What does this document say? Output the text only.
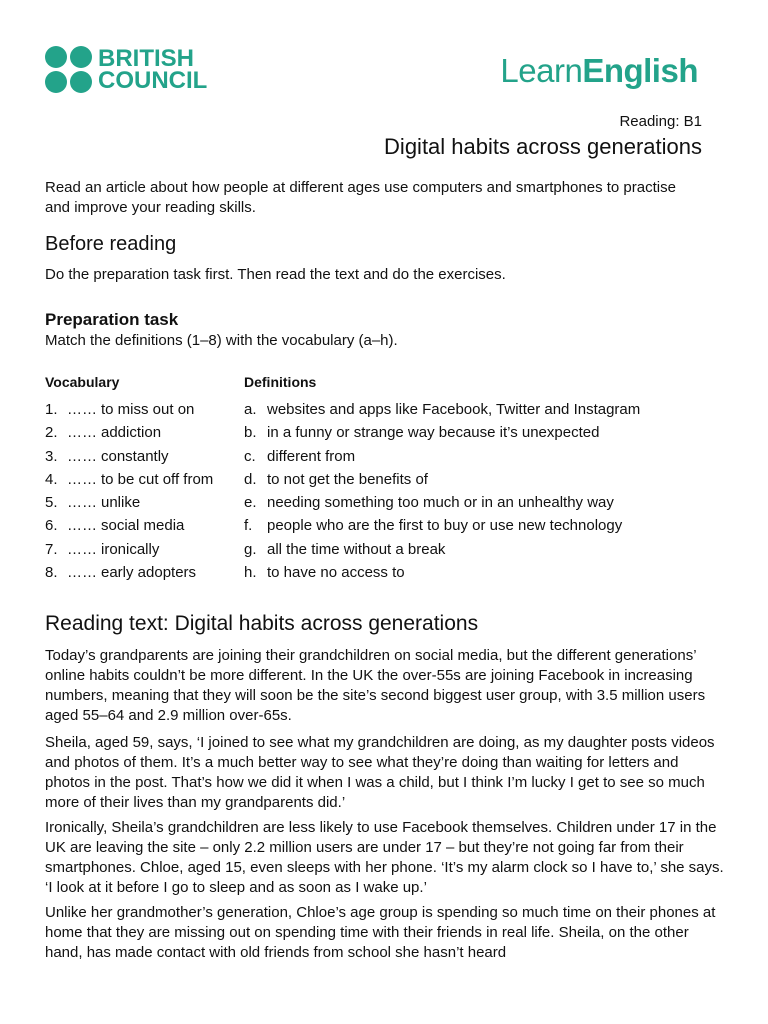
BRITISH
COUNCIL	LearnEnglish
Reading: B1
Digital habits across generations
Read an article about how people at different ages use computers and smartphones to practise and improve your reading skills.
Before reading
Do the preparation task first. Then read the text and do the exercises.
Preparation task
Match the definitions (1–8) with the vocabulary (a–h).
Vocabulary	Definitions
1. …… to miss out on
2. …… addiction
3. …… constantly
4. …… to be cut off from
5. …… unlike
6. …… social media
7. …… ironically
8. …… early adopters
a. websites and apps like Facebook, Twitter and Instagram
b. in a funny or strange way because it’s unexpected
c. different from
d. to not get the benefits of
e. needing something too much or in an unhealthy way
f. people who are the first to buy or use new technology
g. all the time without a break
h. to have no access to
Reading text: Digital habits across generations
Today’s grandparents are joining their grandchildren on social media, but the different generations’ online habits couldn’t be more different. In the UK the over-55s are joining Facebook in increasing numbers, meaning that they will soon be the site’s second biggest user group, with 3.5 million users aged 55–64 and 2.9 million over-65s.
Sheila, aged 59, says, ‘I joined to see what my grandchildren are doing, as my daughter posts videos and photos of them. It’s a much better way to see what they’re doing than waiting for letters and photos in the post. That’s how we did it when I was a child, but I think I’m lucky I get to see so much more of their lives than my grandparents did.’
Ironically, Sheila’s grandchildren are less likely to use Facebook themselves. Children under 17 in the UK are leaving the site – only 2.2 million users are under 17 – but they’re not going far from their smartphones. Chloe, aged 15, even sleeps with her phone. ‘It’s my alarm clock so I have to,’ she says. ‘I look at it before I go to sleep and as soon as I wake up.’
Unlike her grandmother’s generation, Chloe’s age group is spending so much time on their phones at home that they are missing out on spending time with their friends in real life. Sheila, on the other hand, has made contact with old friends from school she hasn’t heard
